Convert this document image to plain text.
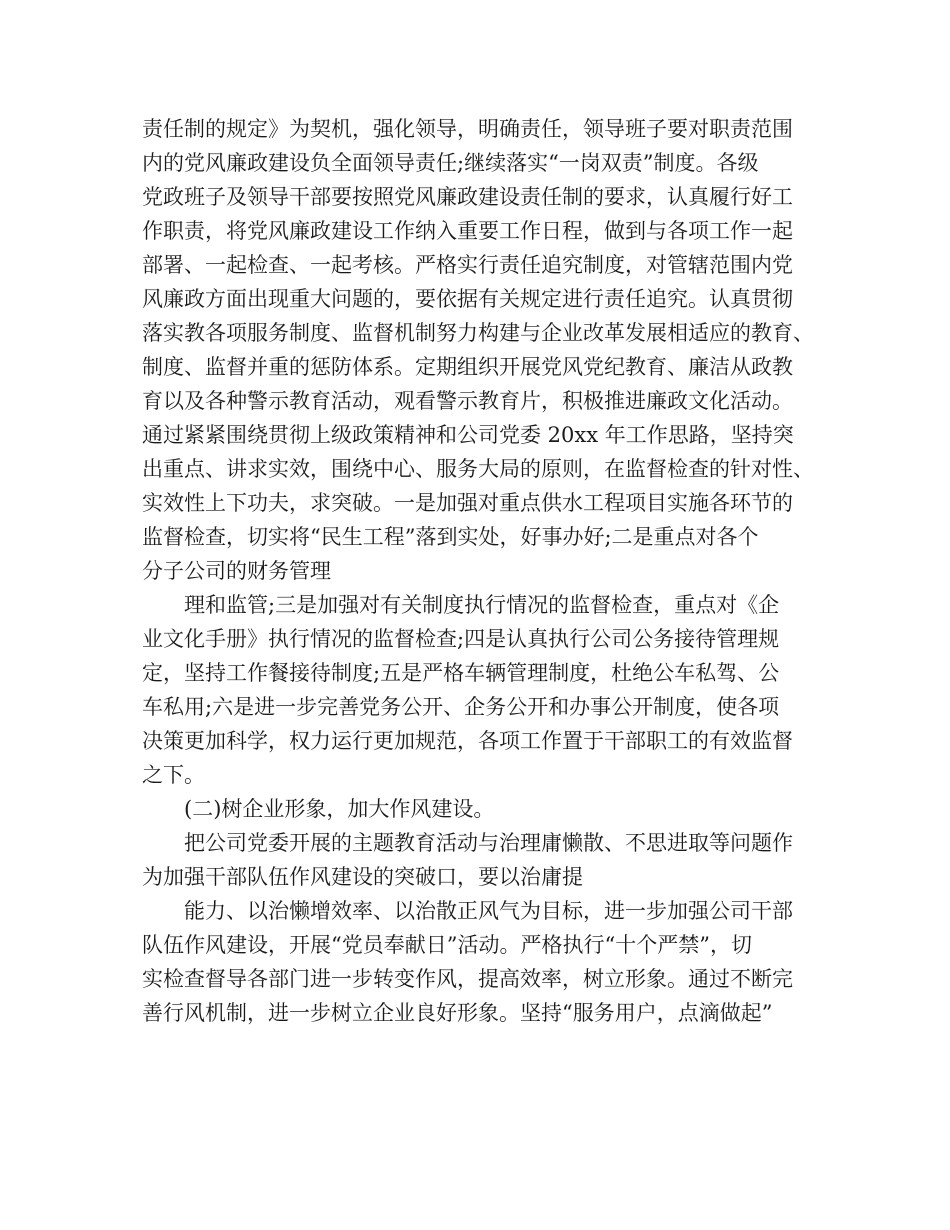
责任制的规定》为契机，强化领导，明确责任，领导班子要对职责范围
内的党风廉政建设负全面领导责任;继续落实“一岗双责”制度。各级
党政班子及领导干部要按照党风廉政建设责任制的要求，认真履行好工
作职责，将党风廉政建设工作纳入重要工作日程，做到与各项工作一起
部署、一起检查、一起考核。严格实行责任追究制度，对管辖范围内党
风廉政方面出现重大问题的，要依据有关规定进行责任追究。认真贯彻
落实教各项服务制度、监督机制努力构建与企业改革发展相适应的教育、
制度、监督并重的惩防体系。定期组织开展党风党纪教育、廉洁从政教
育以及各种警示教育活动，观看警示教育片，积极推进廉政文化活动。
通过紧紧围绕贯彻上级政策精神和公司党委 20xx 年工作思路，坚持突
出重点、讲求实效，围绕中心、服务大局的原则，在监督检查的针对性、
实效性上下功夫，求突破。一是加强对重点供水工程项目实施各环节的
监督检查，切实将“民生工程”落到实处，好事办好;二是重点对各个
分子公司的财务管理
　　理和监管;三是加强对有关制度执行情况的监督检查，重点对《企
业文化手册》执行情况的监督检查;四是认真执行公司公务接待管理规
定，坚持工作餐接待制度;五是严格车辆管理制度，杜绝公车私驾、公
车私用;六是进一步完善党务公开、企务公开和办事公开制度，使各项
决策更加科学，权力运行更加规范，各项工作置于干部职工的有效监督
之下。
　　(二)树企业形象，加大作风建设。
　　把公司党委开展的主题教育活动与治理庸懒散、不思进取等问题作
为加强干部队伍作风建设的突破口，要以治庸提
　　能力、以治懒增效率、以治散正风气为目标，进一步加强公司干部
队伍作风建设，开展“党员奉献日”活动。严格执行“十个严禁”，切
实检查督导各部门进一步转变作风，提高效率，树立形象。通过不断完
善行风机制，进一步树立企业良好形象。坚持“服务用户，点滴做起”
